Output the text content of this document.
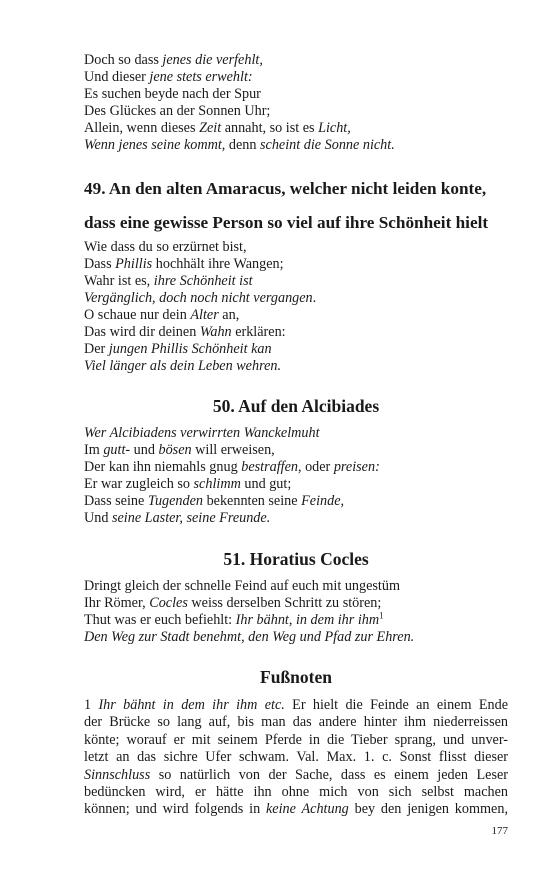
Doch so dass jenes die verfehlt,
Und dieser jene stets erwehlt:
Es suchen beyde nach der Spur
Des Glückes an der Sonnen Uhr;
Allein, wenn dieses Zeit annaht, so ist es Licht,
Wenn jenes seine kommt, denn scheint die Sonne nicht.
49. An den alten Amaracus, welcher nicht leiden konte,
dass eine gewisse Person so viel auf ihre Schönheit hielt
Wie dass du so erzürnet bist,
Dass Phillis hochhält ihre Wangen;
Wahr ist es, ihre Schönheit ist
Vergänglich, doch noch nicht vergangen.
O schaue nur dein Alter an,
Das wird dir deinen Wahn erklären:
Der jungen Phillis Schönheit kan
Viel länger als dein Leben wehren.
50. Auf den Alcibiades
Wer Alcibiadens verwirrten Wanckelmuht
Im gutt- und bösen will erweisen,
Der kan ihn niemahls gnug bestraffen, oder preisen:
Er war zugleich so schlimm und gut;
Dass seine Tugenden bekennten seine Feinde,
Und seine Laster, seine Freunde.
51. Horatius Cocles
Dringt gleich der schnelle Feind auf euch mit ungestüm
Ihr Römer, Cocles weiss derselben Schritt zu stören;
Thut was er euch befiehlt: Ihr bähnt, in dem ihr ihm$^1$
Den Weg zur Stadt benehmt, den Weg und Pfad zur Ehren.
Fußnoten
1 Ihr bähnt in dem ihr ihm etc. Er hielt die Feinde an einem Ende
der Brücke so lang auf, bis man das andere hinter ihm niederreissen
könte; worauf er mit seinem Pferde in die Tieber sprang, und unver-
letzt an das sichre Ufer schwam. Val. Max. 1. c. Sonst flisst dieser
Sinnschluss so natürlich von der Sache, dass es einem jeden Leser
bedüncken wird, er hätte ihn ohne mich von sich selbst machen
können; und wird folgends in keine Achtung bey den jenigen kommen,
177
